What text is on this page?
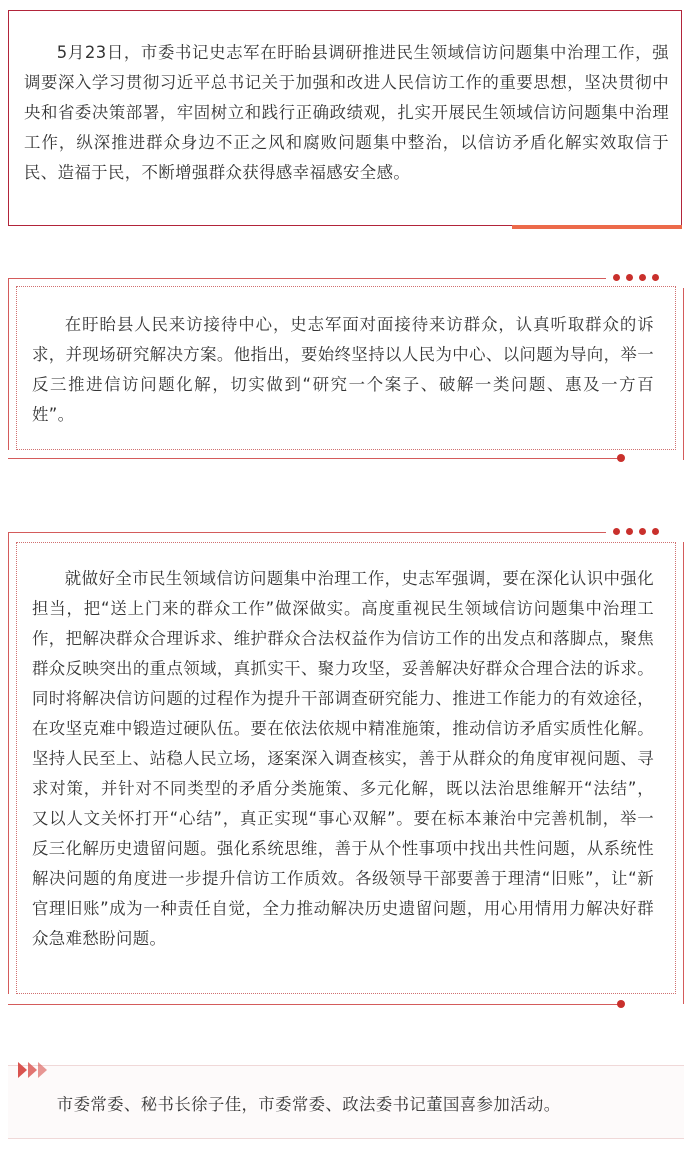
5月23日，市委书记史志军在盱眙县调研推进民生领域信访问题集中治理工作，强调要深入学习贯彻习近平总书记关于加强和改进人民信访工作的重要思想，坚决贯彻中央和省委决策部署，牢固树立和践行正确政绩观，扎实开展民生领域信访问题集中治理工作，纵深推进群众身边不正之风和腐败问题集中整治，以信访矛盾化解实效取信于民、造福于民，不断增强群众获得感幸福感安全感。

在盱眙县人民来访接待中心，史志军面对面接待来访群众，认真听取群众的诉求，并现场研究解决方案。他指出，要始终坚持以人民为中心、以问题为导向，举一反三推进信访问题化解，切实做到“研究一个案子、破解一类问题、惠及一方百姓”。

就做好全市民生领域信访问题集中治理工作，史志军强调，要在深化认识中强化担当，把“送上门来的群众工作”做深做实。高度重视民生领域信访问题集中治理工作，把解决群众合理诉求、维护群众合法权益作为信访工作的出发点和落脚点，聚焦群众反映突出的重点领域，真抓实干、聚力攻坚，妥善解决好群众合理合法的诉求。同时将解决信访问题的过程作为提升干部调查研究能力、推进工作能力的有效途径，在攻坚克难中锻造过硬队伍。要在依法依规中精准施策，推动信访矛盾实质性化解。坚持人民至上、站稳人民立场，逐案深入调查核实，善于从群众的角度审视问题、寻求对策，并针对不同类型的矛盾分类施策、多元化解，既以法治思维解开“法结”，又以人文关怀打开“心结”，真正实现“事心双解”。要在标本兼治中完善机制，举一反三化解历史遗留问题。强化系统思维，善于从个性事项中找出共性问题，从系统性解决问题的角度进一步提升信访工作质效。各级领导干部要善于理清“旧账”，让“新官理旧账”成为一种责任自觉，全力推动解决历史遗留问题，用心用情用力解决好群众急难愁盼问题。

市委常委、秘书长徐子佳，市委常委、政法委书记董国喜参加活动。
